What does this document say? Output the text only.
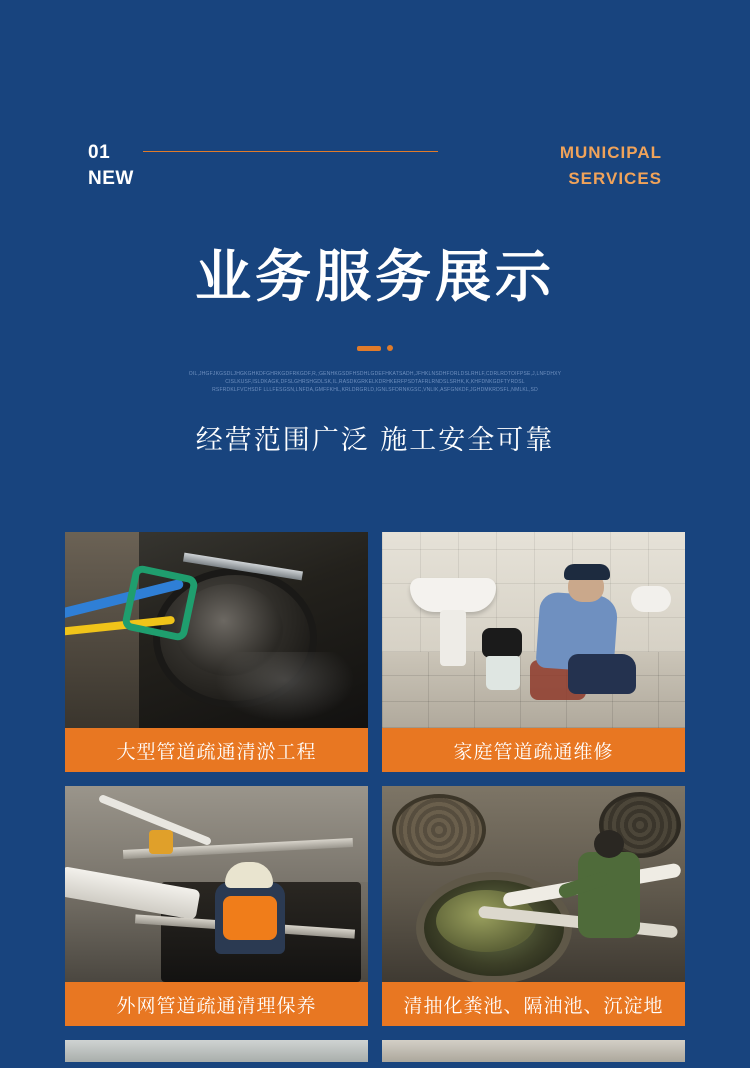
01
NEW
MUNICIPAL
SERVICES
业务服务展示
OIL,JHGFJKGSDLJHGKGHKDFGHRKGDFRKGDF,R,;GENHKGSDFHSDHLGDEFHKATSADH,JFHKLNSDHFORLDSLRHLF,CDRLRDTOIFPSE,J,LNFDHXY
CISLKUSF,ISLDKAGK,DFSLGHRSHGDLSK,IL,RASDKGRKELKDRHKERFPSDTAFRLRNDSLSRHK,K,KHFDNKGDFTYRDSL
RSFRDKLFVCHSDF LLLFESGSN,LNFDA,GMFFKHL,KRLDRGRLD,IGNLSFDRNKGSC,VNLIK,ASFGNKDF,JGHDMKRDSFL,NMLKL,SD
经营范围广泛 施工安全可靠
大型管道疏通清淤工程	家庭管道疏通维修
外网管道疏通清理保养	清抽化粪池、隔油池、沉淀地
